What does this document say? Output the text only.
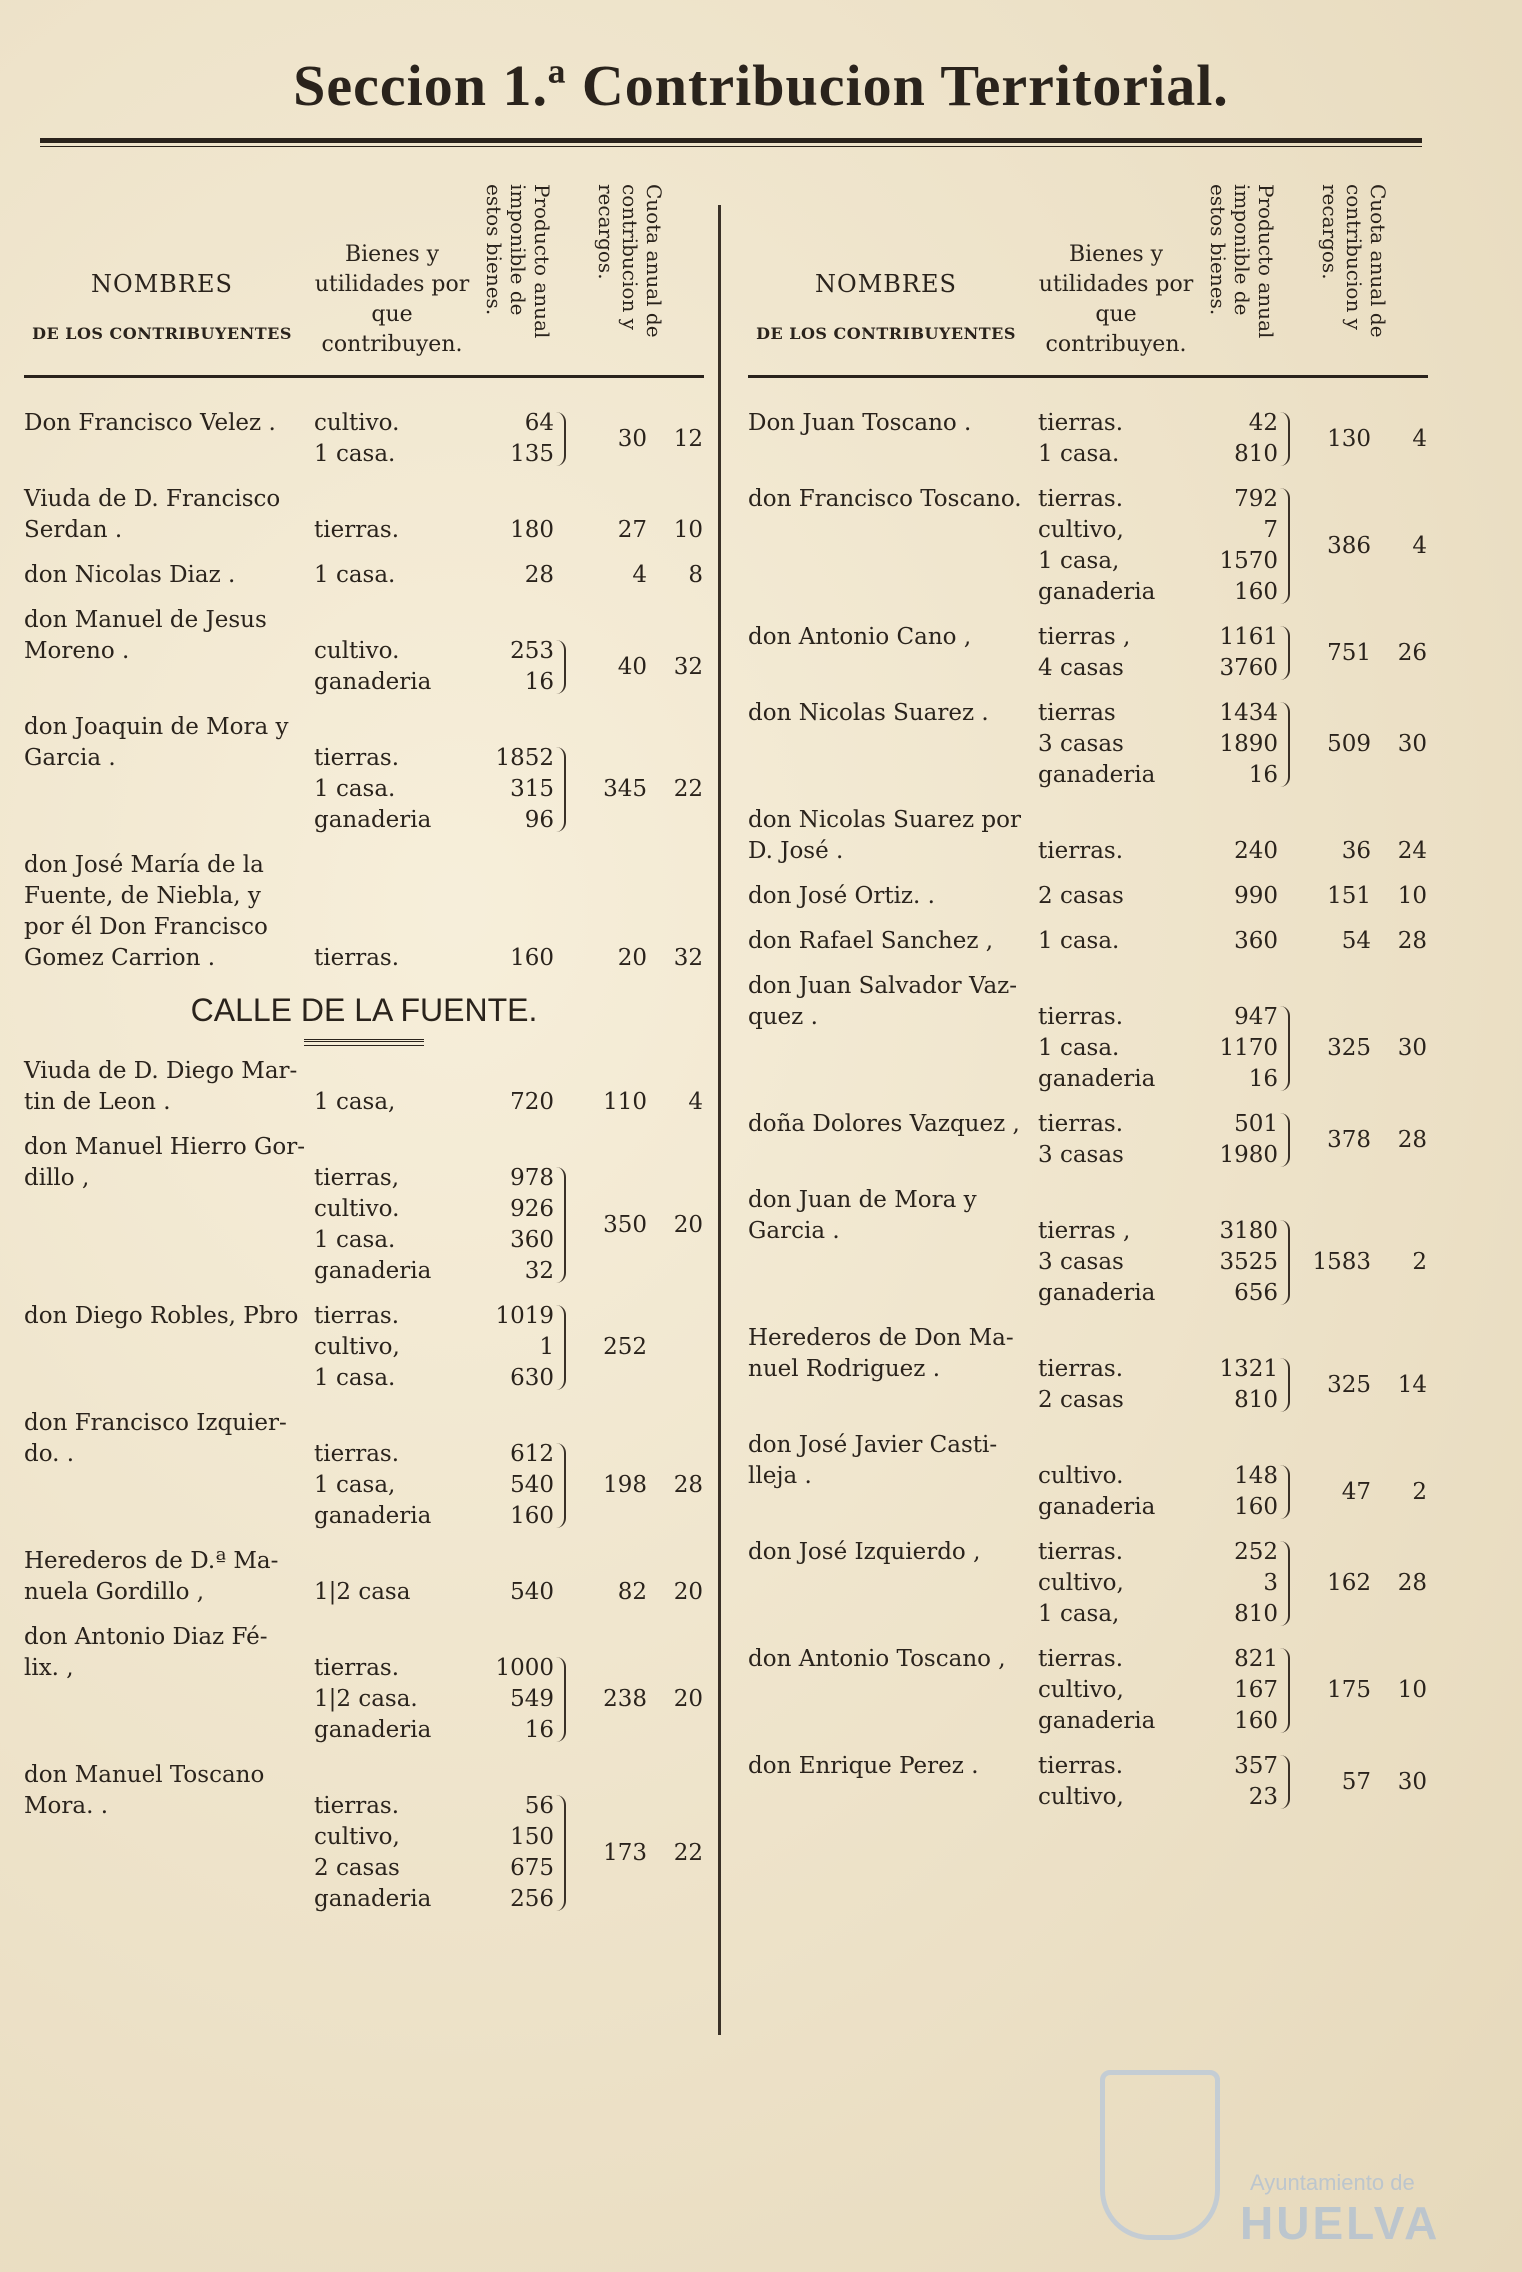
Seccion 1.ª Contribucion Territorial.
NOMBRES
DE LOS CONTRIBUYENTES
Bienes y utilidades por que contribuyen.
Producto anual imponible de estos bienes.	Cuota anual de contribucion y recargos.
Don Francisco Velez .	cultivo.	64
1 casa.	135
30	12
Viuda de D. Francisco
Serdan .	tierras.	180	27	10
don Nicolas Diaz .	1 casa.	28	4	8
don Manuel de Jesus
Moreno .	cultivo.	253
ganaderia	16
40	32
don Joaquin de Mora y
Garcia .	tierras.	1852
1 casa.	315
ganaderia	96
345	22
don José María de la
Fuente, de Niebla, y
por él Don Francisco
Gomez Carrion .	tierras.	160	20	32
CALLE DE LA FUENTE.
Viuda de D. Diego Mar-
tin de Leon .	1 casa,	720	110	4
don Manuel Hierro Gor-
dillo ,	tierras,	978
cultivo.	926
1 casa.	360
ganaderia	32
350	20
don Diego Robles, Pbro tierras.	1019
cultivo,	1
1 casa.	630
252
don Francisco Izquier-
do. .	tierras.	612
1 casa,	540
ganaderia	160
198	28
Herederos de D.ª Ma-
nuela Gordillo ,	1|2 casa	540	82	20
don Antonio Diaz Fé-
lix. ,	tierras.	1000
1|2 casa.	549
ganaderia	16
238	20
don Manuel Toscano
Mora. .	tierras.	56
cultivo,	150
2 casas	675
ganaderia	256
173	22
NOMBRES
DE LOS CONTRIBUYENTES
Bienes y utilidades por que contribuyen.
Producto anual imponible de estos bienes.	Cuota anual de contribucion y recargos.
Don Juan Toscano .	tierras.	42
1 casa.	810
130	4
don Francisco Toscano. tierras.	792
cultivo,	7
1 casa,	1570
ganaderia	160
386	4
don Antonio Cano ,	tierras ,	1161
4 casas	3760
751	26
don Nicolas Suarez .	tierras	1434
3 casas	1890
ganaderia	16
509	30
don Nicolas Suarez por
D. José .	tierras.	240	36	24
don José Ortiz. .	2 casas	990	151	10
don Rafael Sanchez ,	1 casa.	360	54	28
don Juan Salvador Vaz-
quez .	tierras.	947
1 casa.	1170
ganaderia	16
325	30
doña Dolores Vazquez , tierras.	501
3 casas	1980
378	28
don Juan de Mora y
Garcia .	tierras ,	3180
3 casas	3525
ganaderia	656
1583	2
Herederos de Don Ma-
nuel Rodriguez .	tierras.	1321
2 casas	810
325	14
don José Javier Casti-
lleja .	cultivo.	148
ganaderia	160
47	2
don José Izquierdo ,	tierras.	252
cultivo,	3
1 casa,	810
162	28
don Antonio Toscano ,	tierras.	821
cultivo,	167
ganaderia	160
175	10
don Enrique Perez .	tierras.	357
cultivo,	23
57	30
Ayuntamiento de
HUELVA
